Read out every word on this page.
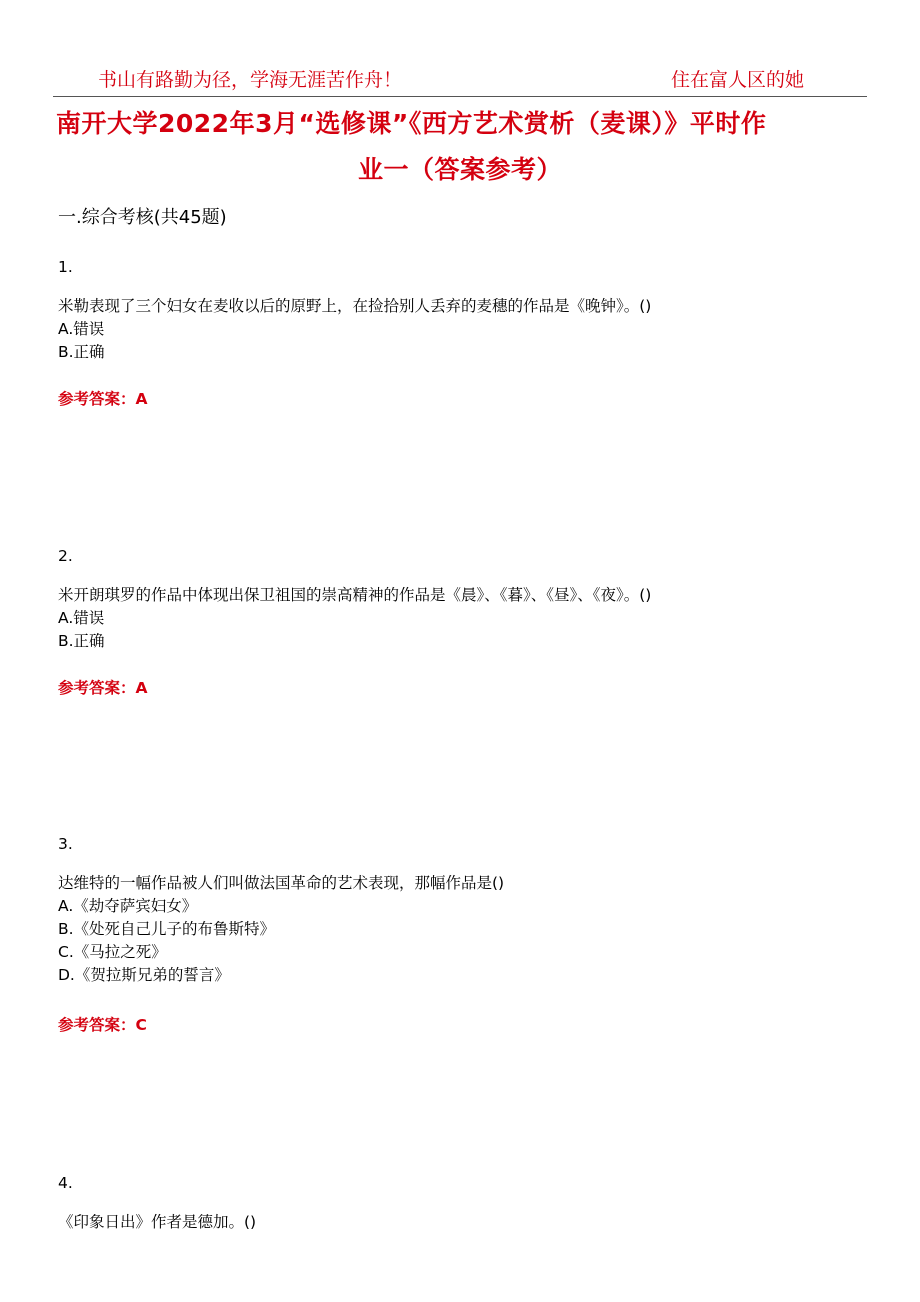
书山有路勤为径，学海无涯苦作舟！	住在富人区的她
南开大学2022年3月“选修课”《西方艺术赏析（麦课）》平时作
业一（答案参考）
一.综合考核(共45题)
1.
米勒表现了三个妇女在麦收以后的原野上，在捡拾别人丢弃的麦穗的作品是《晚钟》。()
A.错误
B.正确
参考答案：A
2.
米开朗琪罗的作品中体现出保卫祖国的崇高精神的作品是《晨》、《暮》、《昼》、《夜》。()
A.错误
B.正确
参考答案：A
3.
达维特的一幅作品被人们叫做法国革命的艺术表现，那幅作品是()
A.《劫夺萨宾妇女》
B.《处死自己儿子的布鲁斯特》
C.《马拉之死》
D.《贺拉斯兄弟的誓言》
参考答案：C
4.
《印象日出》作者是德加。()
